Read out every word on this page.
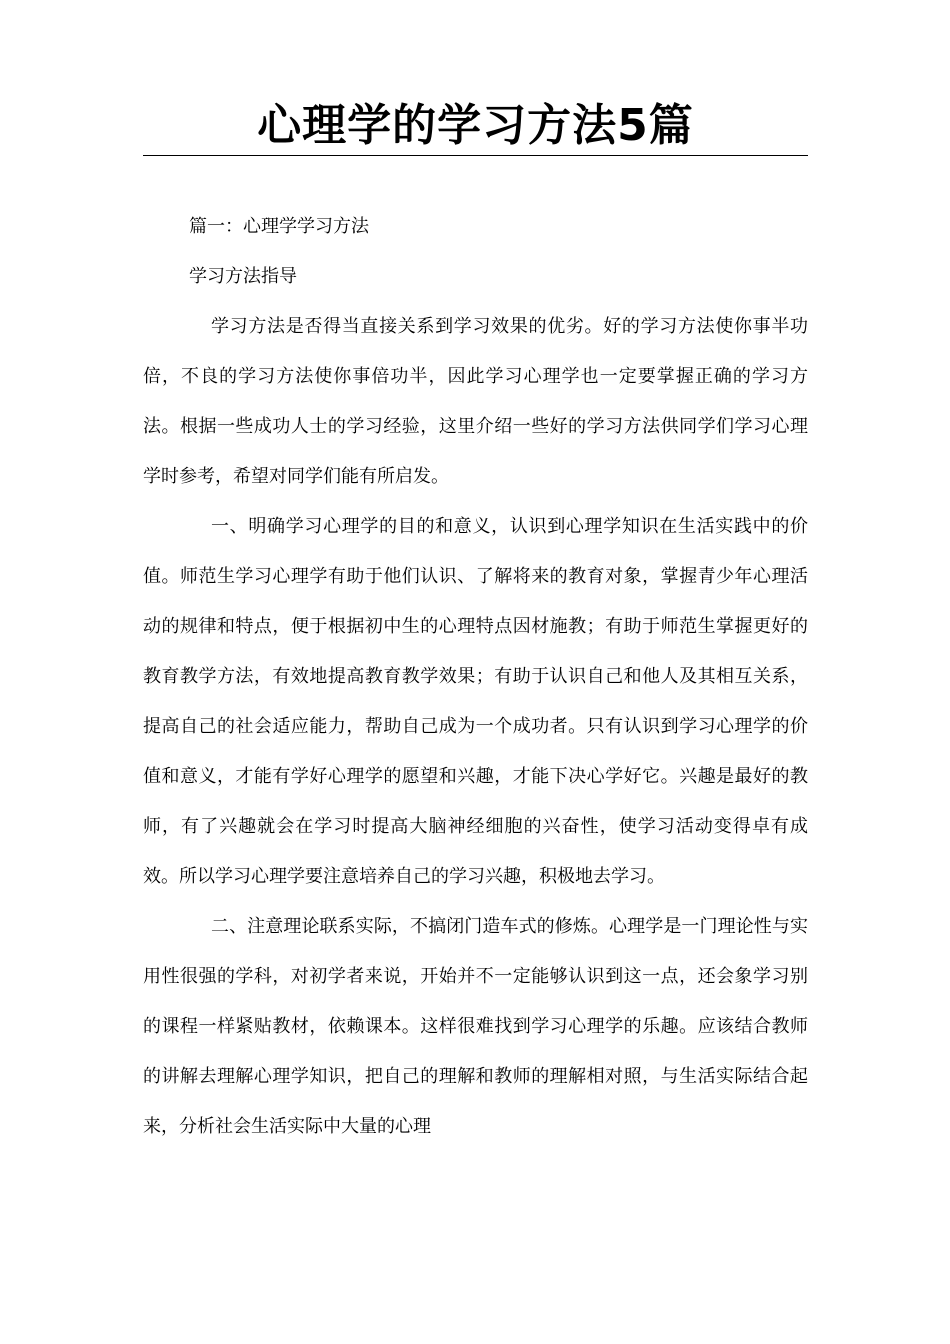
心理学的学习方法5篇

篇一：心理学学习方法

学习方法指导

学习方法是否得当直接关系到学习效果的优劣。好的学习方法使你事半功倍，不良的学习方法使你事倍功半，因此学习心理学也一定要掌握正确的学习方法。根据一些成功人士的学习经验，这里介绍一些好的学习方法供同学们学习心理学时参考，希望对同学们能有所启发。

一、明确学习心理学的目的和意义，认识到心理学知识在生活实践中的价值。师范生学习心理学有助于他们认识、了解将来的教育对象，掌握青少年心理活动的规律和特点，便于根据初中生的心理特点因材施教；有助于师范生掌握更好的教育教学方法，有效地提高教育教学效果；有助于认识自己和他人及其相互关系，提高自己的社会适应能力，帮助自己成为一个成功者。只有认识到学习心理学的价值和意义，才能有学好心理学的愿望和兴趣，才能下决心学好它。兴趣是最好的教师，有了兴趣就会在学习时提高大脑神经细胞的兴奋性，使学习活动变得卓有成效。所以学习心理学要注意培养自己的学习兴趣，积极地去学习。

二、注意理论联系实际，不搞闭门造车式的修炼。心理学是一门理论性与实用性很强的学科，对初学者来说，开始并不一定能够认识到这一点，还会象学习别的课程一样紧贴教材，依赖课本。这样很难找到学习心理学的乐趣。应该结合教师的讲解去理解心理学知识，把自己的理解和教师的理解相对照，与生活实际结合起来，分析社会生活实际中大量的心理
